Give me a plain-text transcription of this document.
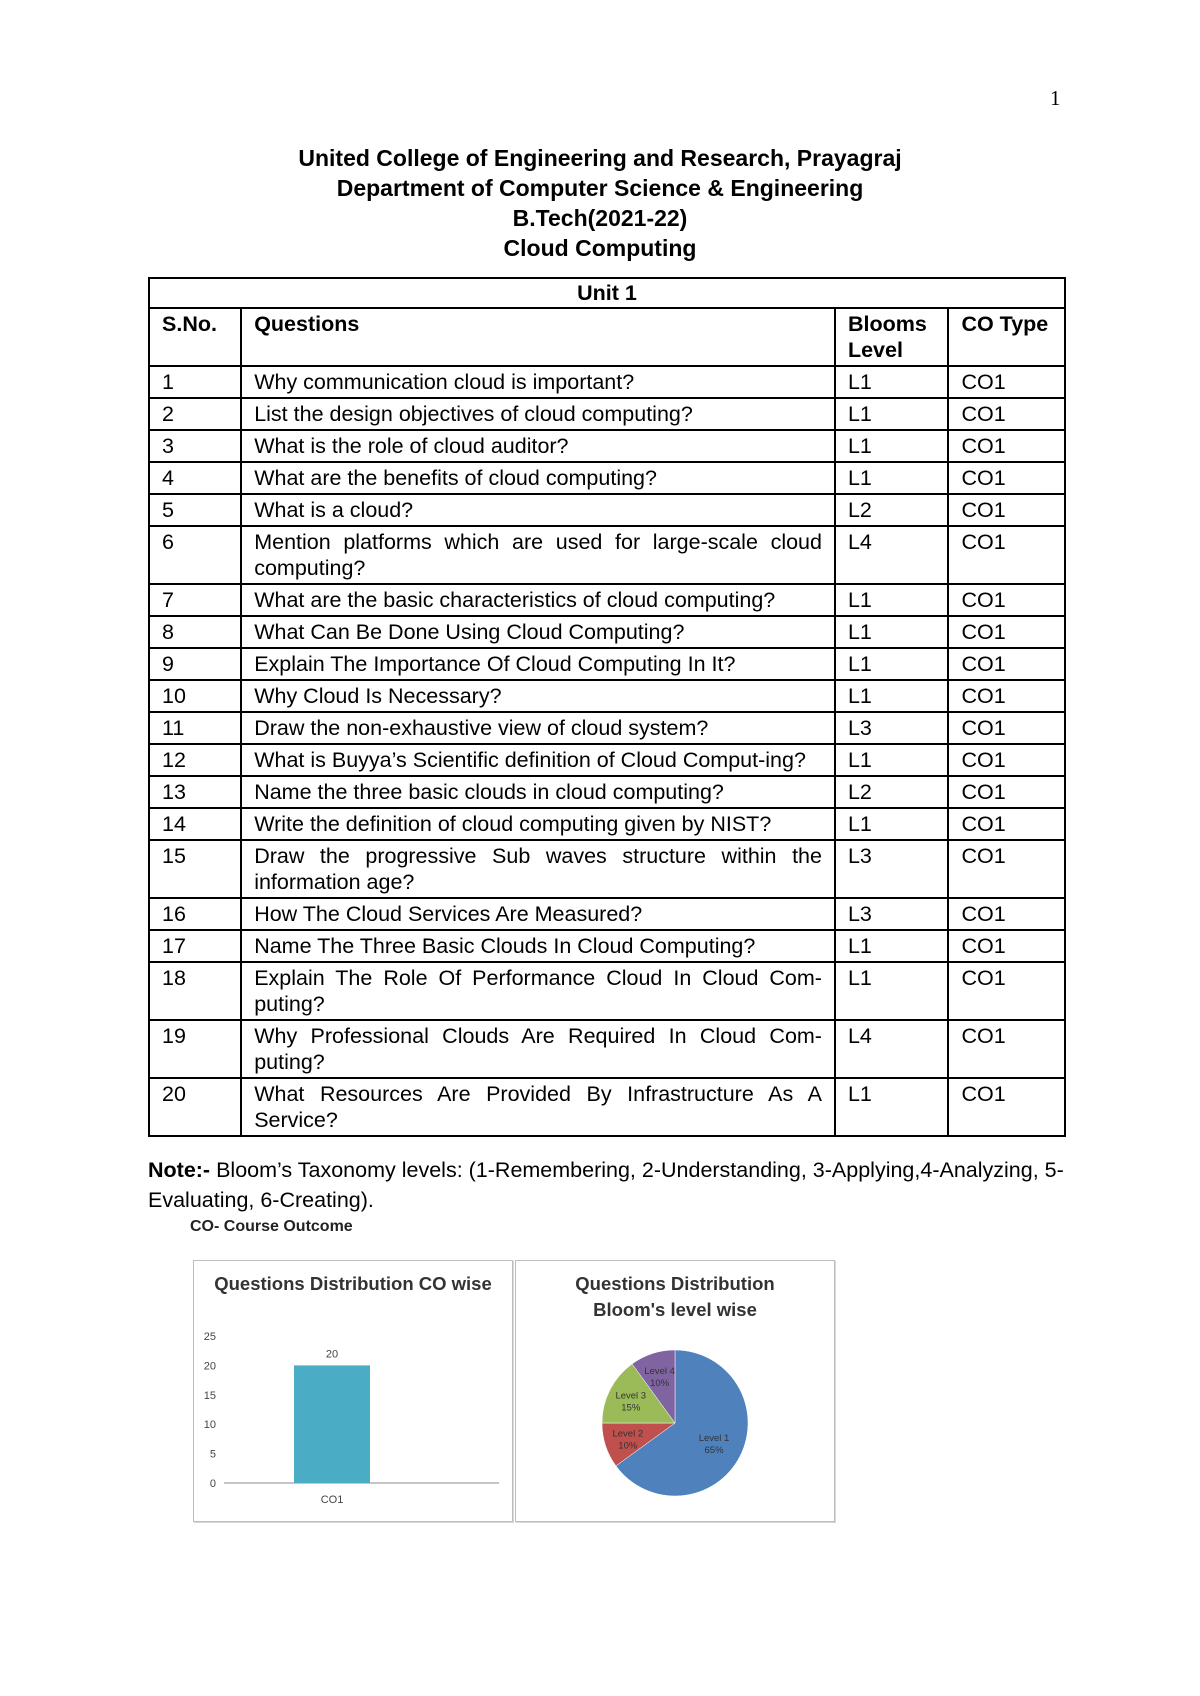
1
United College of Engineering and Research, Prayagraj
Department of Computer Science & Engineering
B.Tech(2021-22)
Cloud Computing
Unit 1			
S.No.	Questions	Blooms Level	CO Type
1	Why communication cloud is important?	L1	CO1
2	List the design objectives of cloud computing?	L1	CO1
3	What is the role of cloud auditor?	L1	CO1
4	What are the benefits of cloud computing?	L1	CO1
5	What is a cloud?	L2	CO1
6	Mention platforms which are used for large-scale cloud computing?	L4	CO1
7	What are the basic characteristics of cloud computing?	L1	CO1
8	What Can Be Done Using Cloud Computing?	L1	CO1
9	Explain The Importance Of Cloud Computing In It?	L1	CO1
10	Why Cloud Is Necessary?	L1	CO1
11	Draw the non-exhaustive view of cloud system?	L3	CO1
12	What is Buyya’s Scientific definition of Cloud Comput-ing?	L1	CO1
13	Name the three basic clouds in cloud computing?	L2	CO1
14	Write the definition of cloud computing given by NIST?	L1	CO1
15	Draw the progressive Sub waves structure within the information age?	L3	CO1
16	How The Cloud Services Are Measured?	L3	CO1
17	Name The Three Basic Clouds In Cloud Computing?	L1	CO1
18	Explain The Role Of Performance Cloud In Cloud Com-puting?	L1	CO1
19	Why Professional Clouds Are Required In Cloud Com-puting?	L4	CO1
20	What Resources Are Provided By Infrastructure As A Service?	L1	CO1
Note:- Bloom’s Taxonomy levels: (1-Remembering, 2-Understanding, 3-Applying,4-Analyzing, 5- Evaluating, 6-Creating).
CO- Course Outcome
Questions Distribution CO wise
0
5
10
15
20
25
20
CO1
Questions Distribution Bloom's level wise
Level 1
65%
Level 2
10%
Level 3
15%
Level 4
10%
